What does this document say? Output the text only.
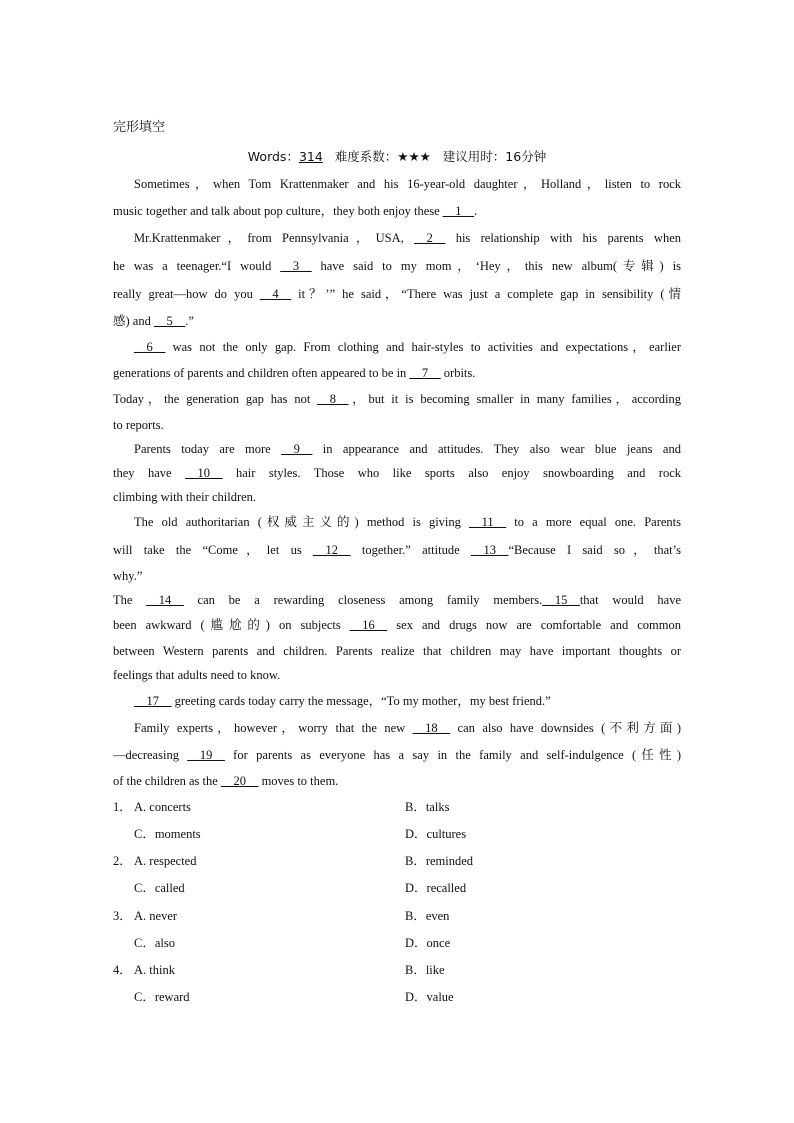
完形填空
Words：314 难度系数：★★★ 建议用时：16分钟
Sometimes，when Tom Krattenmaker and his 16-year-old daughter，Holland，listen to rock
music together and talk about pop culture，they both enjoy these __1__.
Mr.Krattenmaker，from Pennsylvania，USA, __2__ his relationship with his parents when
he was a teenager.“I would __3__ have said to my mom，‘Hey，this new album(专辑) is
really great—how do you __4__ it？’” he said，“There was just a complete gap in sensibility (情
感) and __5__.”
__6__ was not the only gap. From clothing and hair-styles to activities and expectations，earlier
generations of parents and children often appeared to be in __7__ orbits.
Today，the generation gap has not __8__，but it is becoming smaller in many families，according
to reports.
Parents today are more __9__ in appearance and attitudes. They also wear blue jeans and
they have __10__ hair styles. Those who like sports also enjoy snowboarding and rock
climbing with their children.
The old authoritarian (权威主义的) method is giving __11__ to a more equal one. Parents
will take the “Come，let us __12__ together.” attitude __13__“Because I said so，that’s
why.”
The __14__ can be a rewarding closeness among family members.__15__that would have
been awkward (尴尬的) on subjects __16__ sex and drugs now are comfortable and common
between Western parents and children. Parents realize that children may have important thoughts or
feelings that adults need to know.
__17__ greeting cards today carry the message，“To my mother，my best friend.”
Family experts，however，worry that the new __18__ can also have downsides (不利方面)
—decreasing __19__ for parents as everyone has a say in the family and self-indulgence (任性)
of the children as the __20__ moves to them.
1． A. concerts	B．talks
C．moments	D．cultures
2． A. respected	B．reminded
C．called	D．recalled
3． A. never	B．even
C．also	D．once
4． A. think	B．like
C．reward	D．value
